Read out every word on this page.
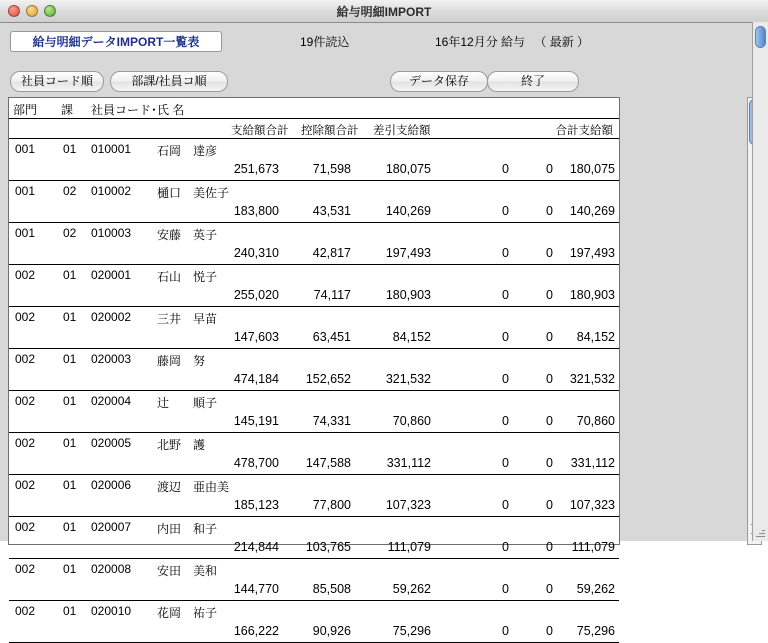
給与明細IMPORT
給与明細データIMPORT一覧表	19件読込	16年12月分 給与 　（ 最新 ）
社員コード順	部課/社員コ順	データ保存	終了
部門 課 社員コード･氏 名
支給額合計 控除額合計 差引支給額	合計支給額
001 01 010001 石岡　達彦
251,673	71,598	180,075	0	0	180,075
001 02 010002 樋口　美佐子
183,800	43,531	140,269	0	0	140,269
001 02 010003 安藤　英子
240,310	42,817	197,493	0	0	197,493
002 01 020001 石山　悦子
255,020	74,117	180,903	0	0	180,903
002 01 020002 三井　早苗
147,603	63,451	84,152	0	0	84,152
002 01 020003 藤岡　努
474,184	152,652	321,532	0	0	321,532
002 01 020004 辻　　順子
145,191	74,331	70,860	0	0	70,860
002 01 020005 北野　護
478,700	147,588	331,112	0	0	331,112
002 01 020006 渡辺　亜由美
185,123	77,800	107,323	0	0	107,323
002 01 020007 内田　和子
214,844	103,765	111,079	0	0	111,079
002 01 020008 安田　美和
144,770	85,508	59,262	0	0	59,262
002 01 020010 花岡　祐子
166,222	90,926	75,296	0	0	75,296
